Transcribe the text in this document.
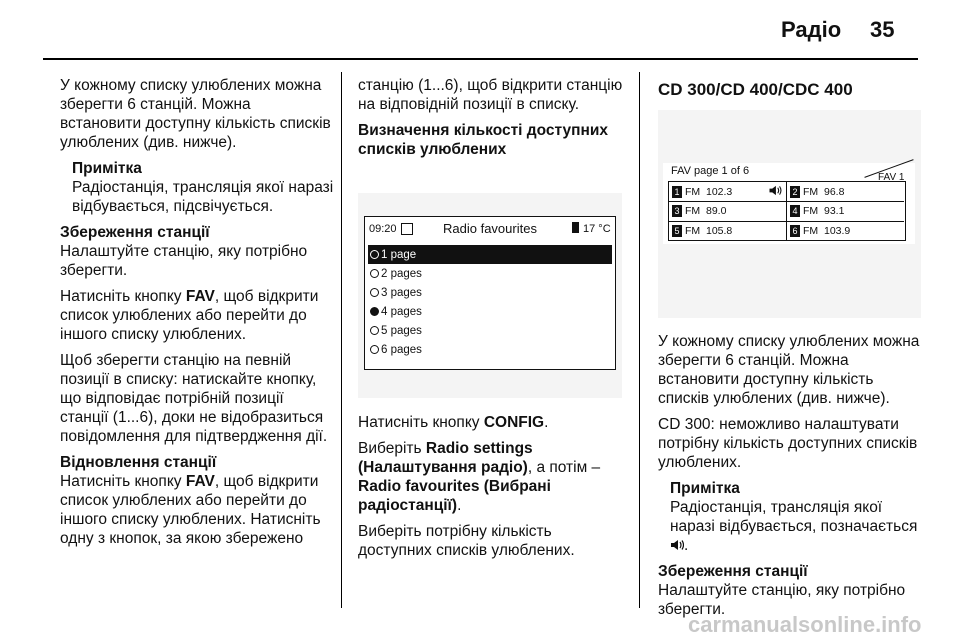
Радіо 35

У кожному списку улюблених можна зберегти 6 станцій. Можна встановити доступну кількість списків улюблених (див. нижче).

Примітка
Радіостанція, трансляція якої наразі відбувається, підсвічується.
Збереження станції

Налаштуйте станцію, яку потрібно зберегти.

Натисніть кнопку FAV, щоб відкрити список улюблених або перейти до іншого списку улюблених.

Щоб зберегти станцію на певній позиції в списку: натискайте кнопку, що відповідає потрібній позиції станції (1...6), доки не відобразиться повідомлення для підтвердження дії.

Відновлення станції

Натисніть кнопку FAV, щоб відкрити список улюблених або перейти до іншого списку улюблених. Натисніть одну з кнопок, за якою збережено

станцію (1...6), щоб відкрити станцію на відповідній позиції в списку.

Визначення кількості доступних списків улюблених
09:20	Radio favourites	17 °C
1 page
2 pages
3 pages
4 pages
5 pages
6 pages

Натисніть кнопку CONFIG.

Виберіть Radio settings (Налаштування радіо), а потім – Radio favourites (Вибрані радіостанції).

Виберіть потрібну кількість доступних списків улюблених.

CD 300/CD 400/CDC 400
FAV page 1 of 6
FAV 1
1 FM  102.3	2 FM  96.8
3 FM  89.0	4 FM  93.1
5 FM  105.8	6 FM  103.9

У кожному списку улюблених можна зберегти 6 станцій. Можна встановити доступну кількість списків улюблених (див. нижче).

CD 300: неможливо налаштувати потрібну кількість доступних списків улюблених.

Примітка
Радіостанція, трансляція якої наразі відбувається, позначається .
Збереження станції

Налаштуйте станцію, яку потрібно зберегти.

carmanualsonline.info
